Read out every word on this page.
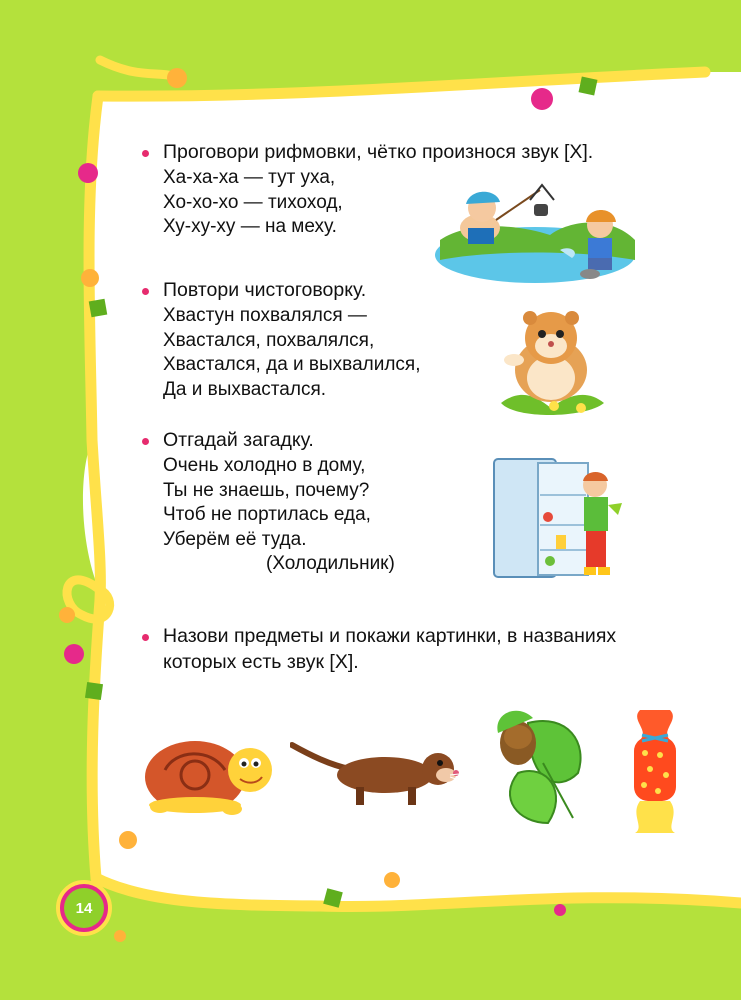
Проговори рифмовки, чётко произнося звук [Х].
Ха-ха-ха — тут уха,
Хо-хо-хо — тихоход,
Ху-ху-ху — на меху.
Повтори чистоговорку.
Хвастун похвалялся —
Хвастался, похвалялся,
Хвастался, да и выхвалился,
Да и выхвастался.
Отгадай загадку.
Очень холодно в дому,
Ты не знаешь, почему?
Чтоб не портилась еда,
Уберём её туда.
(Холодильник)
Назови предметы и покажи картинки, в названиях
которых есть звук [Х].
14
